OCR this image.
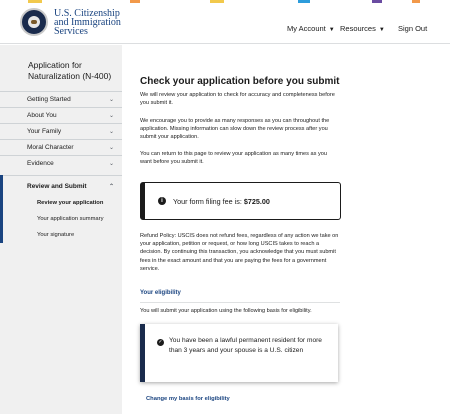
U.S. Citizenship
and Immigration
Services	My Account ▼ Resources ▼ Sign Out
Application for Naturalization (N-400)
Getting Started	⌄
About You	⌄
Your Family	⌄
Moral Character	⌄
Evidence	⌄
Review and Submit	⌃
Review your application
Your application summary
Your signature
Check your application before you submit

We will review your application to check for accuracy and completeness before you submit it.

We encourage you to provide as many responses as you can throughout the application. Missing information can slow down the review process after you submit your application.

You can return to this page to review your application as many times as you want before you submit it.

i	Your form filing fee is: $725.00

Refund Policy: USCIS does not refund fees, regardless of any action we take on your application, petition or request, or how long USCIS takes to reach a decision. By continuing this transaction, you acknowledge that you must submit fees in the exact amount and that you are paying the fees for a government service.

Your eligibility

You will submit your application using the following basis for eligibility.

✓ You have been a lawful permanent resident for more than 3 years and your spouse is a U.S. citizen
Change my basis for eligibility
